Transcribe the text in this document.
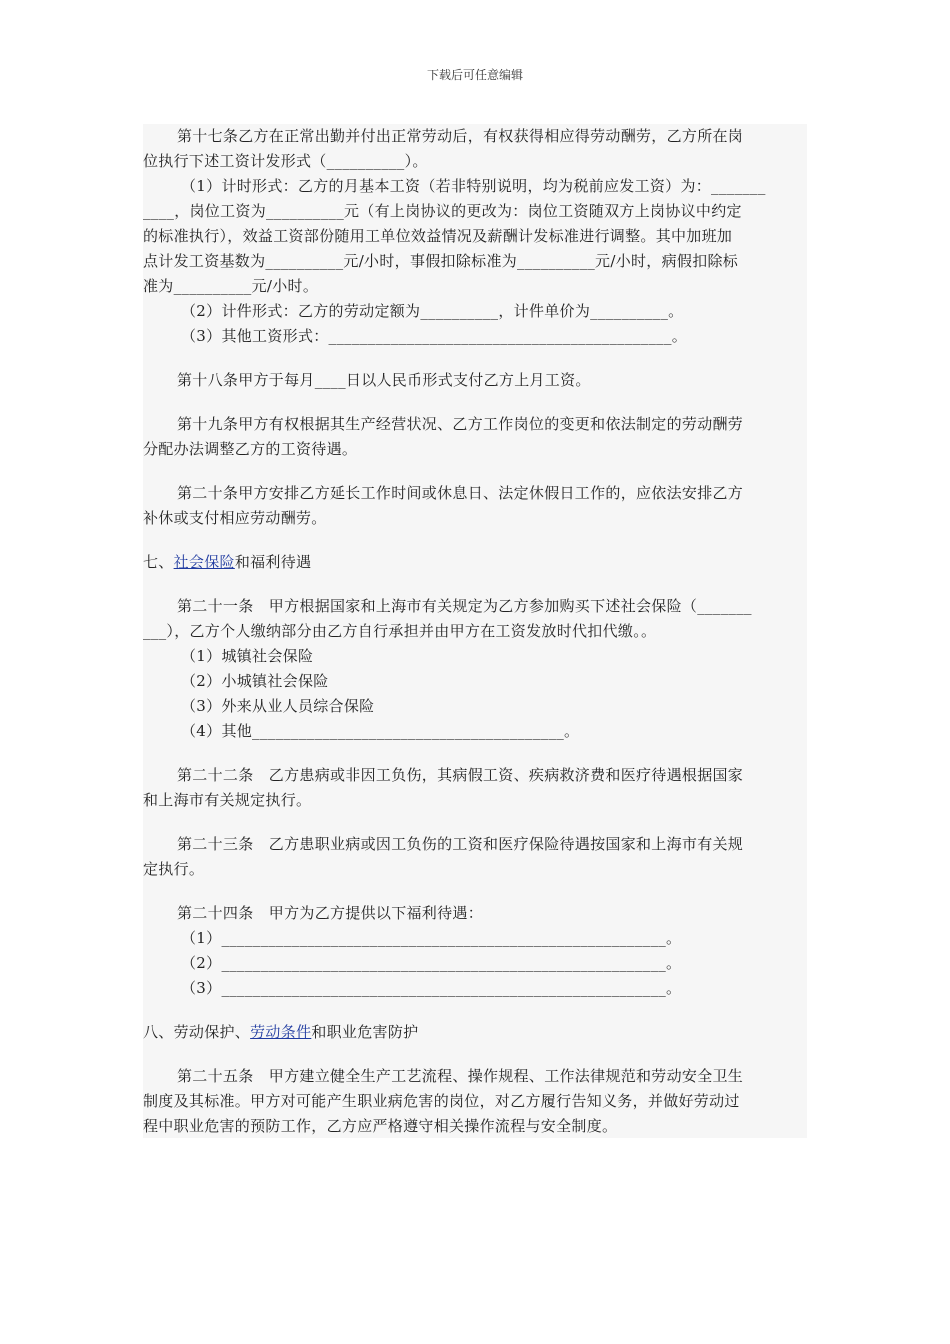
下载后可任意编辑
第十七条乙方在正常出勤并付出正常劳动后，有权获得相应得劳动酬劳，乙方所在岗
位执行下述工资计发形式（__________）。
（1）计时形式：乙方的月基本工资（若非特别说明，均为税前应发工资）为：_______
____，岗位工资为__________元（有上岗协议的更改为：岗位工资随双方上岗协议中约定
的标准执行），效益工资部份随用工单位效益情况及薪酬计发标准进行调整。其中加班加
点计发工资基数为__________元/小时，事假扣除标准为__________元/小时，病假扣除标
准为__________元/小时。
（2）计件形式：乙方的劳动定额为__________，计件单价为__________。
（3）其他工资形式：____________________________________________。
第十八条甲方于每月____日以人民币形式支付乙方上月工资。
第十九条甲方有权根据其生产经营状况、乙方工作岗位的变更和依法制定的劳动酬劳
分配办法调整乙方的工资待遇。
第二十条甲方安排乙方延长工作时间或休息日、法定休假日工作的，应依法安排乙方
补休或支付相应劳动酬劳。
七、社会保险和福利待遇
第二十一条　甲方根据国家和上海市有关规定为乙方参加购买下述社会保险（_______
___），乙方个人缴纳部分由乙方自行承担并由甲方在工资发放时代扣代缴。。
（1）城镇社会保险
（2）小城镇社会保险
（3）外来从业人员综合保险
（4）其他________________________________________。
第二十二条　乙方患病或非因工负伤，其病假工资、疾病救济费和医疗待遇根据国家
和上海市有关规定执行。
第二十三条　乙方患职业病或因工负伤的工资和医疗保险待遇按国家和上海市有关规
定执行。
第二十四条　甲方为乙方提供以下福利待遇：
（1）_________________________________________________________。
（2）_________________________________________________________。
（3）_________________________________________________________。
八、劳动保护、劳动条件和职业危害防护
第二十五条　甲方建立健全生产工艺流程、操作规程、工作法律规范和劳动安全卫生
制度及其标准。甲方对可能产生职业病危害的岗位，对乙方履行告知义务，并做好劳动过
程中职业危害的预防工作，乙方应严格遵守相关操作流程与安全制度。
